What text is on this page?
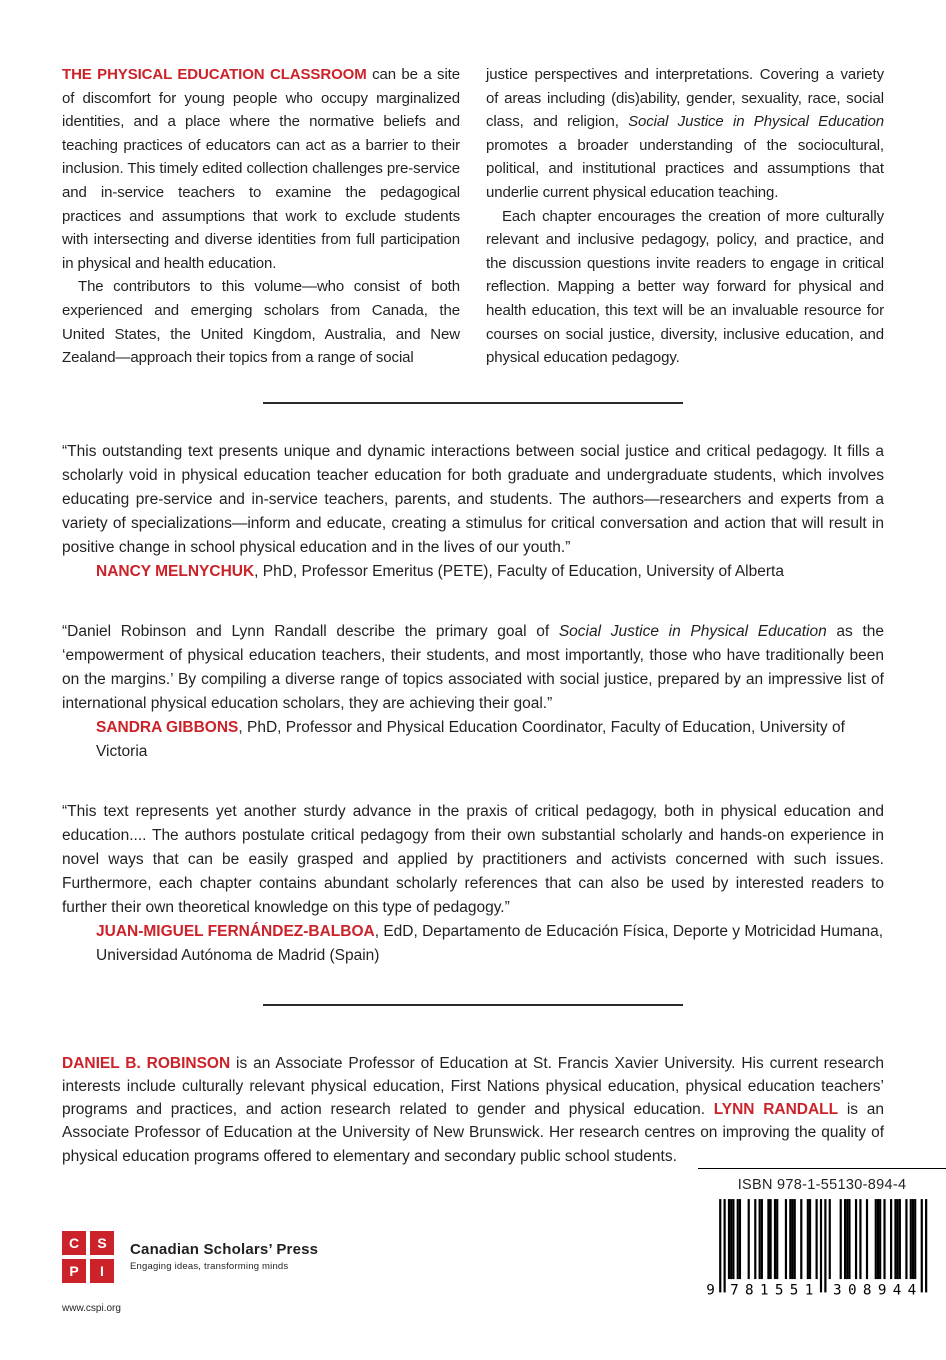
THE PHYSICAL EDUCATION CLASSROOM can be a site of discomfort for young people who occupy marginalized identities, and a place where the normative beliefs and teaching practices of educators can act as a barrier to their inclusion. This timely edited collection challenges pre-service and in-service teachers to examine the pedagogical practices and assumptions that work to exclude students with intersecting and diverse identities from full participation in physical and health education.

The contributors to this volume—who consist of both experienced and emerging scholars from Canada, the United States, the United Kingdom, Australia, and New Zealand—approach their topics from a range of social

justice perspectives and interpretations. Covering a variety of areas including (dis)ability, gender, sexuality, race, social class, and religion, Social Justice in Physical Education promotes a broader understanding of the sociocultural, political, and institutional practices and assumptions that underlie current physical education teaching.

Each chapter encourages the creation of more culturally relevant and inclusive pedagogy, policy, and practice, and the discussion questions invite readers to engage in critical reflection. Mapping a better way forward for physical and health education, this text will be an invaluable resource for courses on social justice, diversity, inclusive education, and physical education pedagogy.

“This outstanding text presents unique and dynamic interactions between social justice and critical pedagogy. It fills a scholarly void in physical education teacher education for both graduate and undergraduate students, which involves educating pre-service and in-service teachers, parents, and students. The authors—researchers and experts from a variety of specializations—inform and educate, creating a stimulus for critical conversation and action that will result in positive change in school physical education and in the lives of our youth.”

NANCY MELNYCHUK, PhD, Professor Emeritus (PETE), Faculty of Education, University of Alberta

“Daniel Robinson and Lynn Randall describe the primary goal of Social Justice in Physical Education as the ‘empowerment of physical education teachers, their students, and most importantly, those who have traditionally been on the margins.’ By compiling a diverse range of topics associated with social justice, prepared by an impressive list of international physical education scholars, they are achieving their goal.”

SANDRA GIBBONS, PhD, Professor and Physical Education Coordinator, Faculty of Education, University of Victoria

“This text represents yet another sturdy advance in the praxis of critical pedagogy, both in physical education and education.... The authors postulate critical pedagogy from their own substantial scholarly and hands-on experience in novel ways that can be easily grasped and applied by practitioners and activists concerned with such issues. Furthermore, each chapter contains abundant scholarly references that can also be used by interested readers to further their own theoretical knowledge on this type of pedagogy.”

JUAN-MIGUEL FERNÁNDEZ-BALBOA, EdD, Departamento de Educación Física, Deporte y Motricidad Humana, Universidad Autónoma de Madrid (Spain)

DANIEL B. ROBINSON is an Associate Professor of Education at St. Francis Xavier University. His current research interests include culturally relevant physical education, First Nations physical education, physical education teachers’ programs and practices, and action research related to gender and physical education. LYNN RANDALL is an Associate Professor of Education at the University of New Brunswick. Her research centres on improving the quality of physical education programs offered to elementary and secondary public school students.

C	S
P	I
Canadian Scholars’ Press
Engaging ideas, transforming minds
www.cspi.org
ISBN 978-1-55130-894-4
9 781551 308944
